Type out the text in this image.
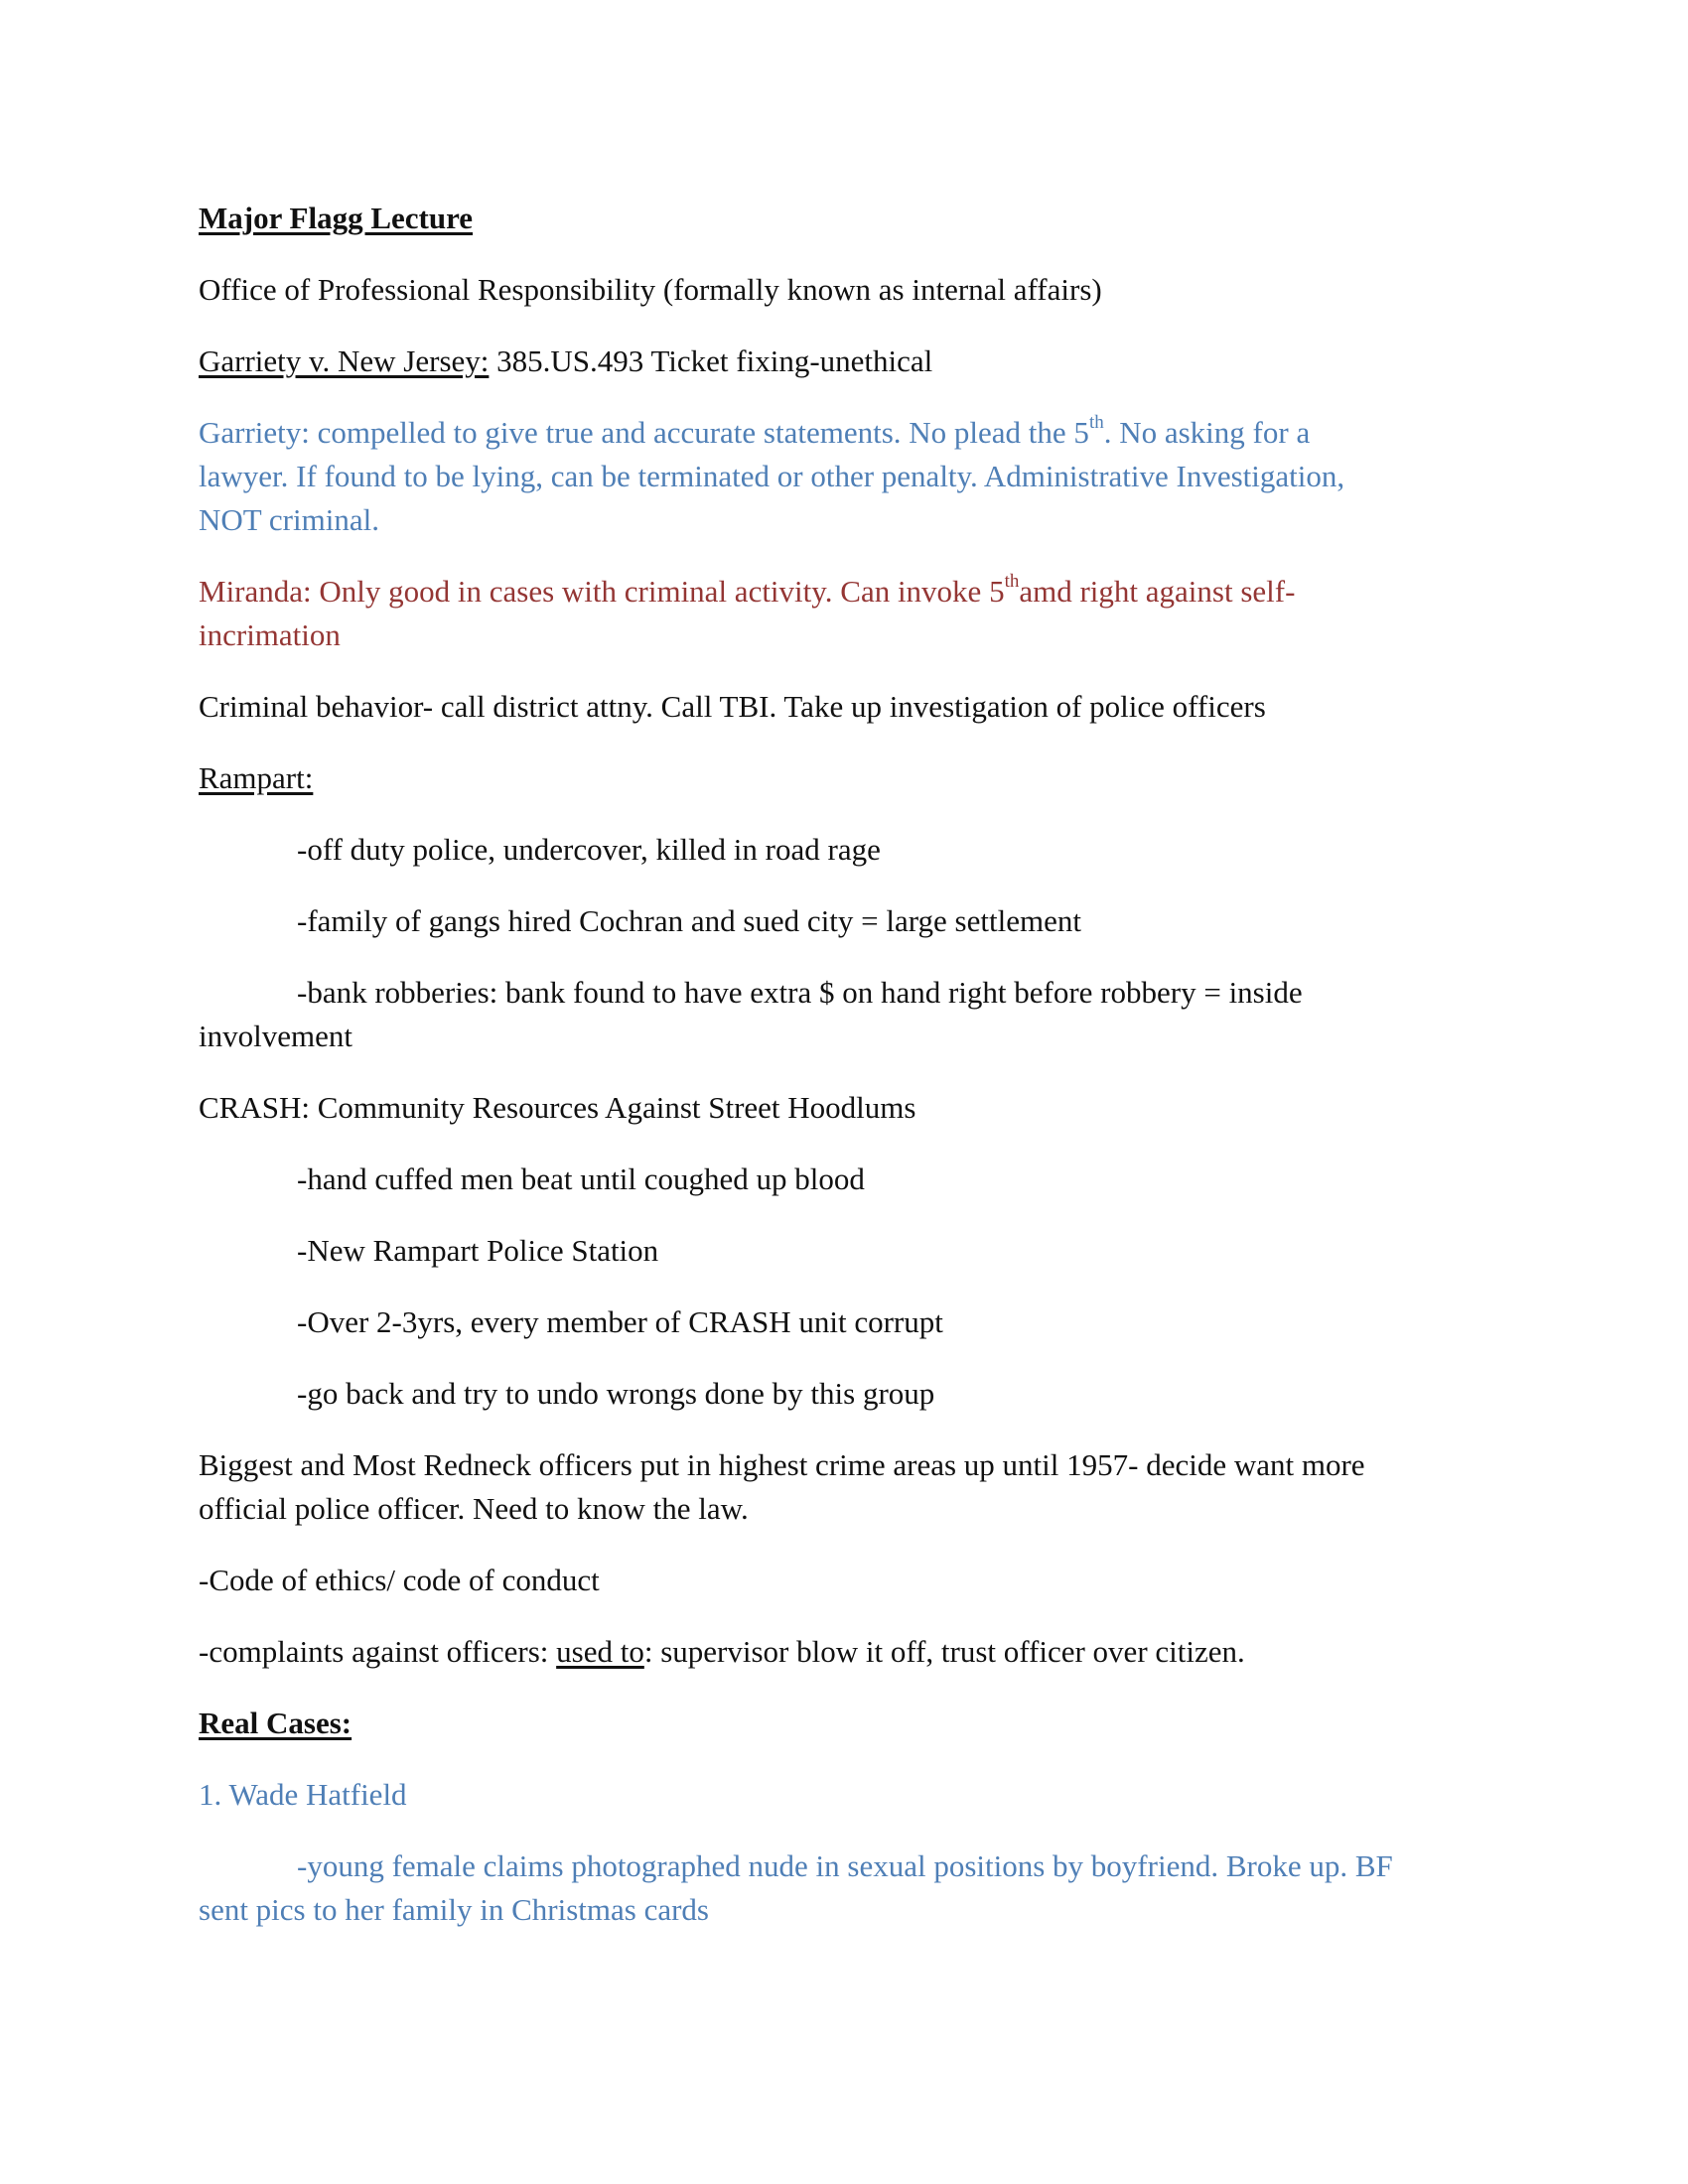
Major Flagg Lecture
Office of Professional Responsibility (formally known as internal affairs)
Garriety v. New Jersey: 385.US.493 Ticket fixing-unethical
Garriety: compelled to give true and accurate statements. No plead the 5th. No asking for a
lawyer. If found to be lying, can be terminated or other penalty. Administrative Investigation,
NOT criminal.
Miranda: Only good in cases with criminal activity. Can invoke 5thamd right against self-
incrimation
Criminal behavior- call district attny. Call TBI. Take up investigation of police officers
Rampart:
-off duty police, undercover, killed in road rage
-family of gangs hired Cochran and sued city = large settlement
-bank robberies: bank found to have extra $ on hand right before robbery = inside
involvement
CRASH: Community Resources Against Street Hoodlums
-hand cuffed men beat until coughed up blood
-New Rampart Police Station
-Over 2-3yrs, every member of CRASH unit corrupt
-go back and try to undo wrongs done by this group
Biggest and Most Redneck officers put in highest crime areas up until 1957- decide want more
official police officer. Need to know the law.
-Code of ethics/ code of conduct
-complaints against officers: used to: supervisor blow it off, trust officer over citizen.
Real Cases:
1. Wade Hatfield
-young female claims photographed nude in sexual positions by boyfriend. Broke up. BF
sent pics to her family in Christmas cards
